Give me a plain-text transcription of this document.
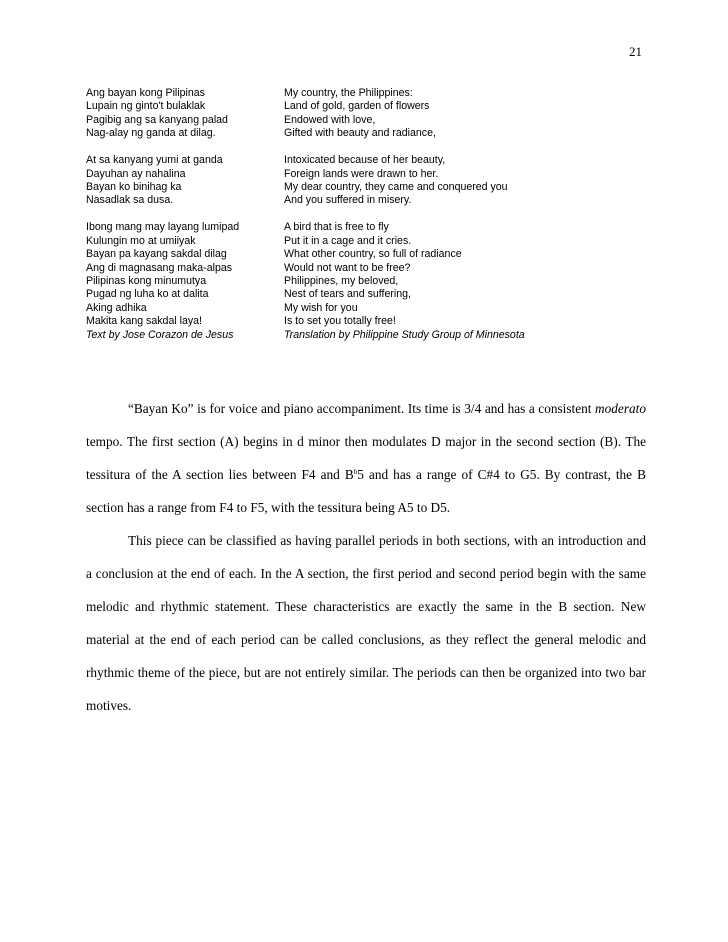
21
Ang bayan kong Pilipinas
Lupain ng ginto't bulaklak
Pagibig ang sa kanyang palad
Nag-alay ng ganda at dilag.
My country, the Philippines:
Land of gold, garden of flowers
Endowed with love,
Gifted with beauty and radiance,
At sa kanyang yumi at ganda
Dayuhan ay nahalina
Bayan ko binihag ka
Nasadlak sa dusa.
Intoxicated because of her beauty,
Foreign lands were drawn to her.
My dear country, they came and conquered you
And you suffered in misery.
Ibong mang may layang lumipad
Kulungin mo at umiiyak
Bayan pa kayang sakdal dilag
Ang di magnasang maka-alpas
Pilipinas kong minumutya
Pugad ng luha ko at dalita
Aking adhika
Makita kang sakdal laya!
Text by Jose Corazon de Jesus
A bird that is free to fly
Put it in a cage and it cries.
What other country, so full of radiance
Would not want to be free?
Philippines, my beloved,
Nest of tears and suffering,
My wish for you
Is to set you totally free!
Translation by Philippine Study Group of Minnesota

“Bayan Ko” is for voice and piano accompaniment. Its time is 3/4 and has a consistent moderato tempo. The first section (A) begins in d minor then modulates D major in the second section (B). The tessitura of the A section lies between F4 and $B^b5$ and has a range of C#4 to G5. By contrast, the B section has a range from F4 to F5, with the tessitura being A5 to D5.

This piece can be classified as having parallel periods in both sections, with an introduction and a conclusion at the end of each. In the A section, the first period and second period begin with the same melodic and rhythmic statement. These characteristics are exactly the same in the B section. New material at the end of each period can be called conclusions, as they reflect the general melodic and rhythmic theme of the piece, but are not entirely similar. The periods can then be organized into two bar motives.
